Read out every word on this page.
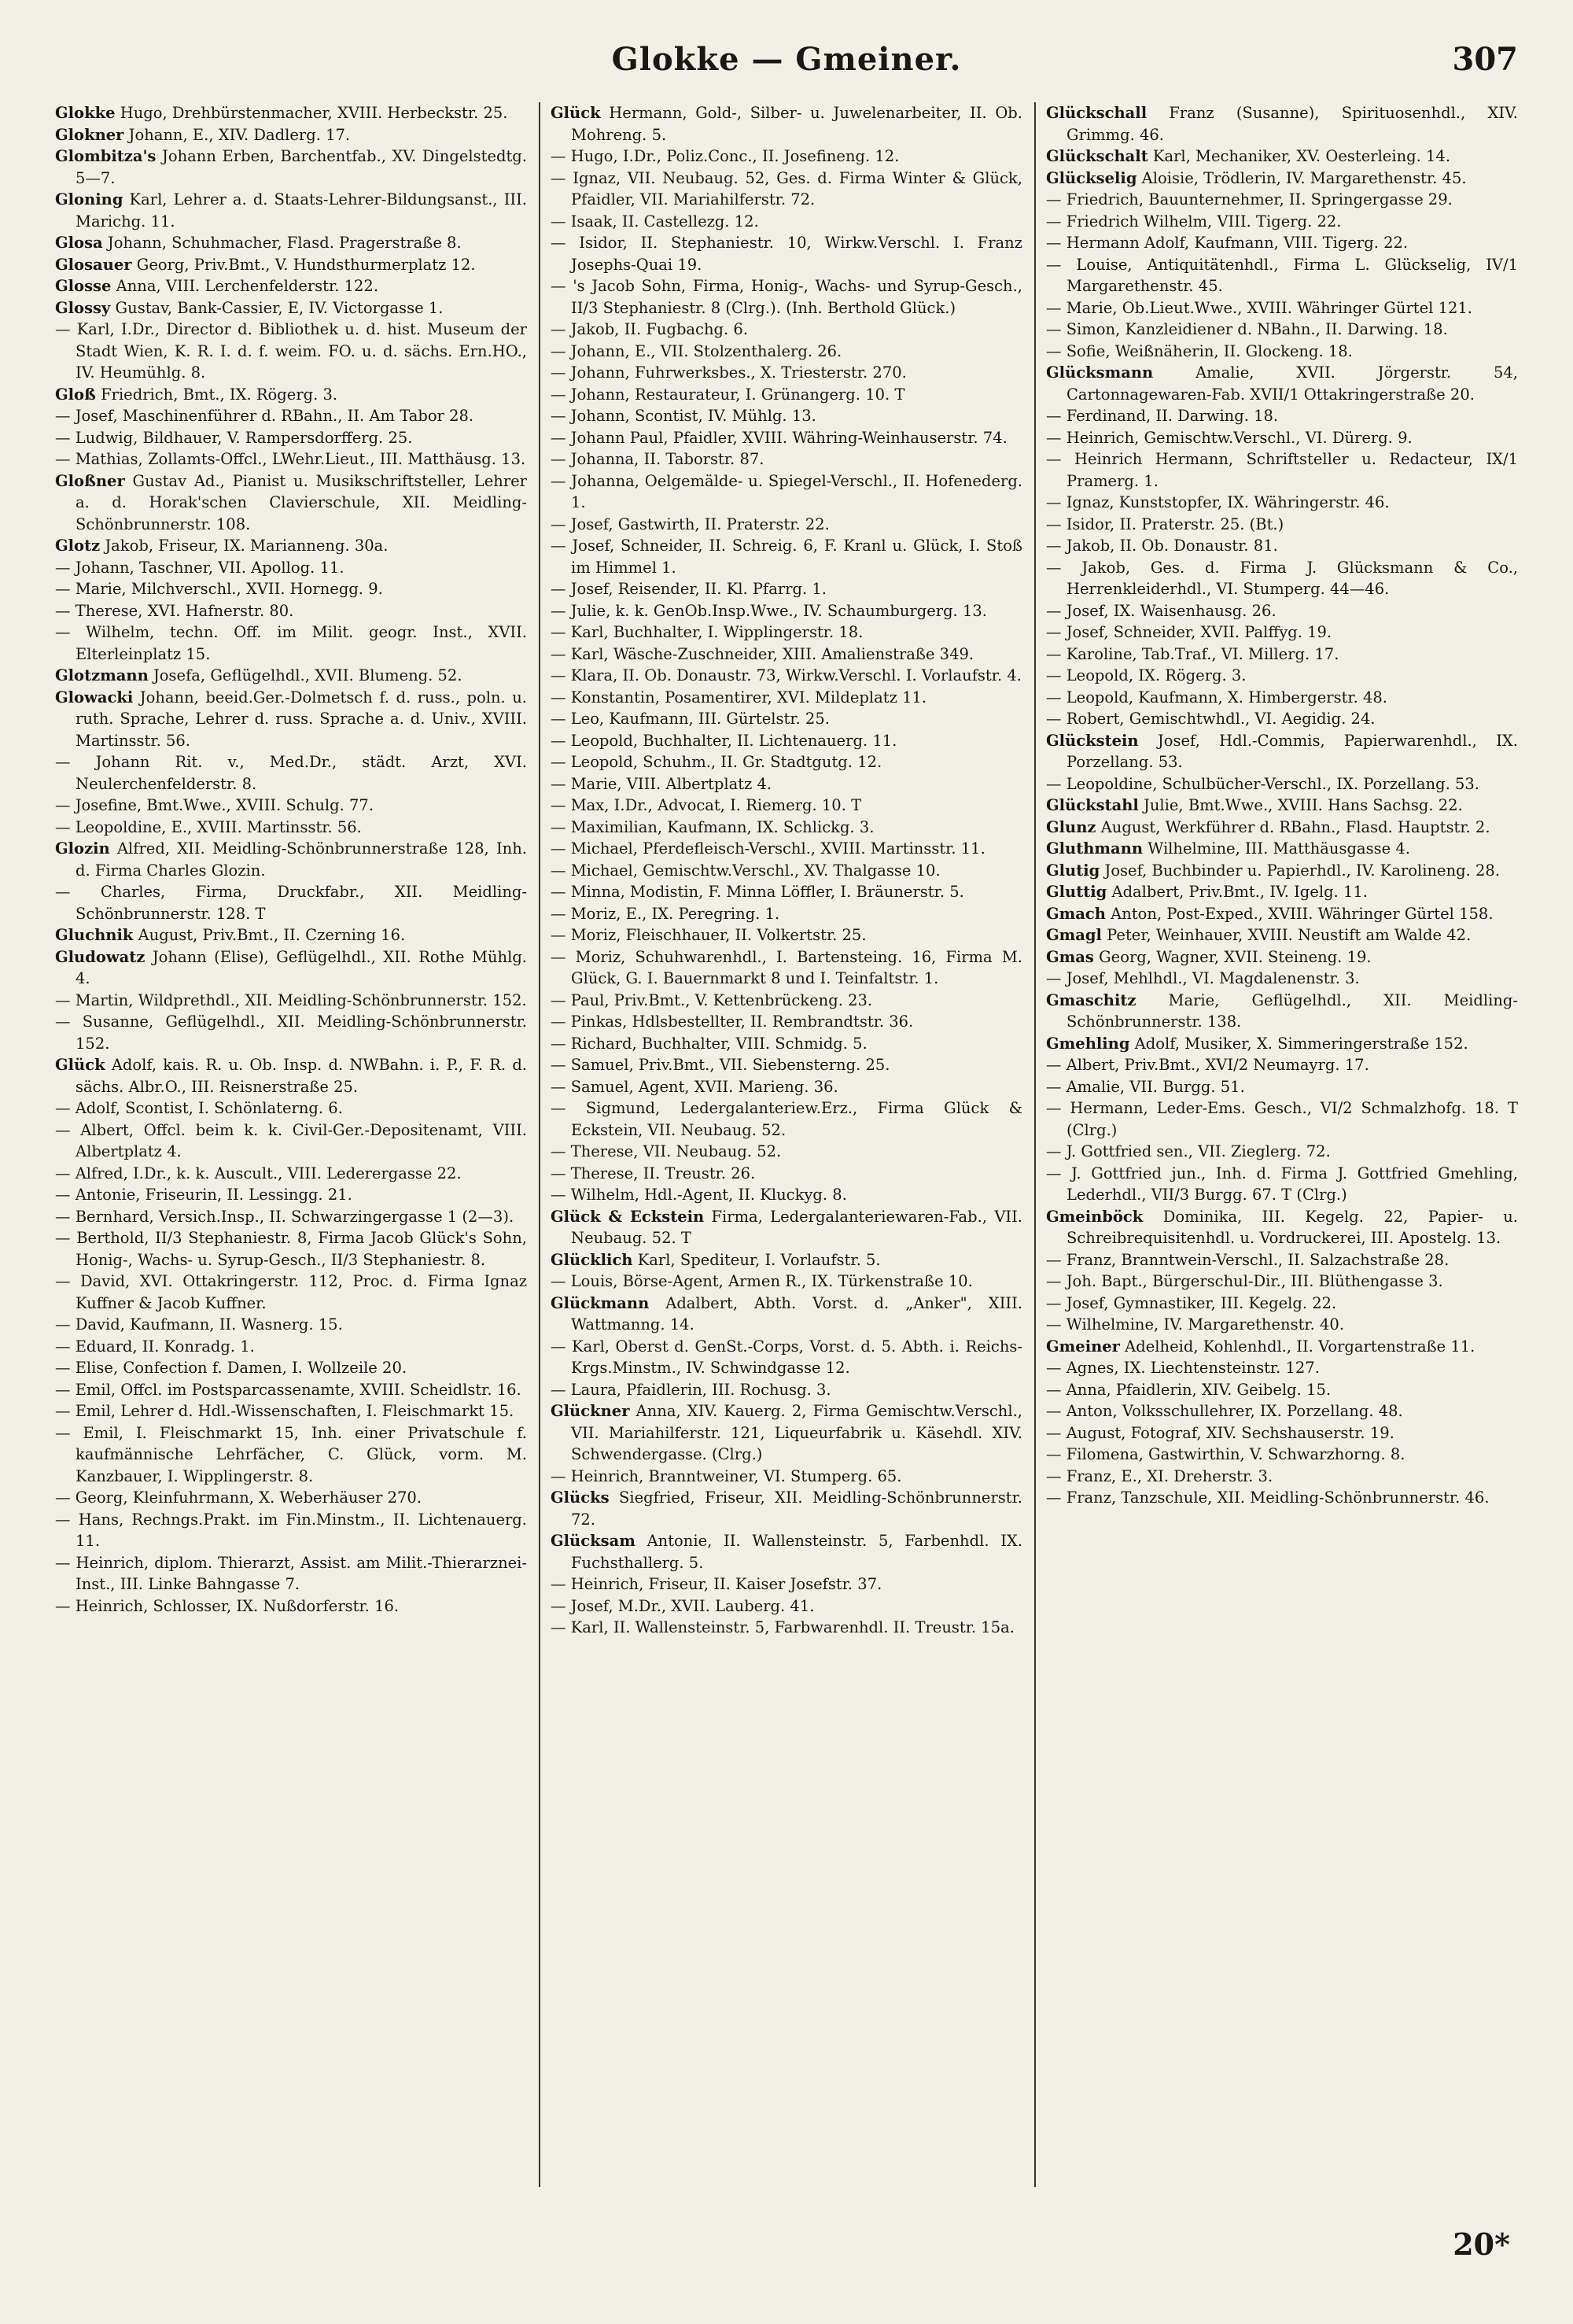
Glokke — Gmeiner.	307

Glokke Hugo, Drehbürstenmacher, XVIII. Herbeckstr. 25.

Glokner Johann, E., XIV. Dadlerg. 17.

Glombitza's Johann Erben, Barchentfab., XV. Dingelstedtg. 5—7.

Gloning Karl, Lehrer a. d. Staats-Lehrer-Bildungsanst., III. Marichg. 11.

Glosa Johann, Schuhmacher, Flasd. Pragerstraße 8.

Glosauer Georg, Priv.Bmt., V. Hundsthurmerplatz 12.

Glosse Anna, VIII. Lerchenfelderstr. 122.

Glossy Gustav, Bank-Cassier, E, IV. Victorgasse 1.

— Karl, I.Dr., Director d. Bibliothek u. d. hist. Museum der Stadt Wien, K. R. I. d. f. weim. FO. u. d. sächs. Ern.HO., IV. Heumühlg. 8.

Gloß Friedrich, Bmt., IX. Rögerg. 3.

— Josef, Maschinenführer d. RBahn., II. Am Tabor 28.

— Ludwig, Bildhauer, V. Rampersdorfferg. 25.

— Mathias, Zollamts-Offcl., LWehr.Lieut., III. Matthäusg. 13.

Gloßner Gustav Ad., Pianist u. Musikschriftsteller, Lehrer a. d. Horak'schen Clavierschule, XII. Meidling-Schönbrunnerstr. 108.

Glotz Jakob, Friseur, IX. Marianneng. 30a.

— Johann, Taschner, VII. Apollog. 11.

— Marie, Milchverschl., XVII. Hornegg. 9.

— Therese, XVI. Hafnerstr. 80.

— Wilhelm, techn. Off. im Milit. geogr. Inst., XVII. Elterleinplatz 15.

Glotzmann Josefa, Geflügelhdl., XVII. Blumeng. 52.

Glowacki Johann, beeid.Ger.-Dolmetsch f. d. russ., poln. u. ruth. Sprache, Lehrer d. russ. Sprache a. d. Univ., XVIII. Martinsstr. 56.

— Johann Rit. v., Med.Dr., städt. Arzt, XVI. Neulerchenfelderstr. 8.

— Josefine, Bmt.Wwe., XVIII. Schulg. 77.

— Leopoldine, E., XVIII. Martinsstr. 56.

Glozin Alfred, XII. Meidling-Schönbrunnerstraße 128, Inh. d. Firma Charles Glozin.

— Charles, Firma, Druckfabr., XII. Meidling-Schönbrunnerstr. 128. T

Gluchnik August, Priv.Bmt., II. Czerning 16.

Gludowatz Johann (Elise), Geflügelhdl., XII. Rothe Mühlg. 4.

— Martin, Wildprethdl., XII. Meidling-Schönbrunnerstr. 152.

— Susanne, Geflügelhdl., XII. Meidling-Schönbrunnerstr. 152.

Glück Adolf, kais. R. u. Ob. Insp. d. NWBahn. i. P., F. R. d. sächs. Albr.O., III. Reisnerstraße 25.

— Adolf, Scontist, I. Schönlaterng. 6.

— Albert, Offcl. beim k. k. Civil-Ger.-Depositenamt, VIII. Albertplatz 4.

— Alfred, I.Dr., k. k. Auscult., VIII. Lederergasse 22.

— Antonie, Friseurin, II. Lessingg. 21.

— Bernhard, Versich.Insp., II. Schwarzingergasse 1 (2—3).

— Berthold, II/3 Stephaniestr. 8, Firma Jacob Glück's Sohn, Honig-, Wachs- u. Syrup-Gesch., II/3 Stephaniestr. 8.

— David, XVI. Ottakringerstr. 112, Proc. d. Firma Ignaz Kuffner & Jacob Kuffner.

— David, Kaufmann, II. Wasnerg. 15.

— Eduard, II. Konradg. 1.

— Elise, Confection f. Damen, I. Wollzeile 20.

— Emil, Offcl. im Postsparcassenamte, XVIII. Scheidlstr. 16.

— Emil, Lehrer d. Hdl.-Wissenschaften, I. Fleischmarkt 15.

— Emil, I. Fleischmarkt 15, Inh. einer Privatschule f. kaufmännische Lehrfächer, C. Glück, vorm. M. Kanzbauer, I. Wipplingerstr. 8.

— Georg, Kleinfuhrmann, X. Weberhäuser 270.

— Hans, Rechngs.Prakt. im Fin.Minstm., II. Lichtenauerg. 11.

— Heinrich, diplom. Thierarzt, Assist. am Milit.-Thierarznei-Inst., III. Linke Bahngasse 7.

— Heinrich, Schlosser, IX. Nußdorferstr. 16.

Glück Hermann, Gold-, Silber- u. Juwelenarbeiter, II. Ob. Mohreng. 5.

— Hugo, I.Dr., Poliz.Conc., II. Josefineng. 12.

— Ignaz, VII. Neubaug. 52, Ges. d. Firma Winter & Glück, Pfaidler, VII. Mariahilferstr. 72.

— Isaak, II. Castellezg. 12.

— Isidor, II. Stephaniestr. 10, Wirkw.Verschl. I. Franz Josephs-Quai 19.

— 's Jacob Sohn, Firma, Honig-, Wachs- und Syrup-Gesch., II/3 Stephaniestr. 8 (Clrg.). (Inh. Berthold Glück.)

— Jakob, II. Fugbachg. 6.

— Johann, E., VII. Stolzenthalerg. 26.

— Johann, Fuhrwerksbes., X. Triesterstr. 270.

— Johann, Restaurateur, I. Grünangerg. 10. T

— Johann, Scontist, IV. Mühlg. 13.

— Johann Paul, Pfaidler, XVIII. Währing-Weinhauserstr. 74.

— Johanna, II. Taborstr. 87.

— Johanna, Oelgemälde- u. Spiegel-Verschl., II. Hofenederg. 1.

— Josef, Gastwirth, II. Praterstr. 22.

— Josef, Schneider, II. Schreig. 6, F. Kranl u. Glück, I. Stoß im Himmel 1.

— Josef, Reisender, II. Kl. Pfarrg. 1.

— Julie, k. k. GenOb.Insp.Wwe., IV. Schaumburgerg. 13.

— Karl, Buchhalter, I. Wipplingerstr. 18.

— Karl, Wäsche-Zuschneider, XIII. Amalienstraße 349.

— Klara, II. Ob. Donaustr. 73, Wirkw.Verschl. I. Vorlaufstr. 4.

— Konstantin, Posamentirer, XVI. Mildeplatz 11.

— Leo, Kaufmann, III. Gürtelstr. 25.

— Leopold, Buchhalter, II. Lichtenauerg. 11.

— Leopold, Schuhm., II. Gr. Stadtgutg. 12.

— Marie, VIII. Albertplatz 4.

— Max, I.Dr., Advocat, I. Riemerg. 10. T

— Maximilian, Kaufmann, IX. Schlickg. 3.

— Michael, Pferdefleisch-Verschl., XVIII. Martinsstr. 11.

— Michael, Gemischtw.Verschl., XV. Thalgasse 10.

— Minna, Modistin, F. Minna Löffler, I. Bräunerstr. 5.

— Moriz, E., IX. Peregring. 1.

— Moriz, Fleischhauer, II. Volkertstr. 25.

— Moriz, Schuhwarenhdl., I. Bartensteing. 16, Firma M. Glück, G. I. Bauernmarkt 8 und I. Teinfaltstr. 1.

— Paul, Priv.Bmt., V. Kettenbrückeng. 23.

— Pinkas, Hdlsbestellter, II. Rembrandtstr. 36.

— Richard, Buchhalter, VIII. Schmidg. 5.

— Samuel, Priv.Bmt., VII. Siebensterng. 25.

— Samuel, Agent, XVII. Marieng. 36.

— Sigmund, Ledergalanteriew.Erz., Firma Glück & Eckstein, VII. Neubaug. 52.

— Therese, VII. Neubaug. 52.

— Therese, II. Treustr. 26.

— Wilhelm, Hdl.-Agent, II. Kluckyg. 8.

Glück & Eckstein Firma, Ledergalanteriewaren-Fab., VII. Neubaug. 52. T

Glücklich Karl, Spediteur, I. Vorlaufstr. 5.

— Louis, Börse-Agent, Armen R., IX. Türkenstraße 10.

Glückmann Adalbert, Abth. Vorst. d. „Anker", XIII. Wattmanng. 14.

— Karl, Oberst d. GenSt.-Corps, Vorst. d. 5. Abth. i. Reichs-Krgs.Minstm., IV. Schwindgasse 12.

— Laura, Pfaidlerin, III. Rochusg. 3.

Glückner Anna, XIV. Kauerg. 2, Firma Gemischtw.Verschl., VII. Mariahilferstr. 121, Liqueurfabrik u. Käsehdl. XIV. Schwendergasse. (Clrg.)

— Heinrich, Branntweiner, VI. Stumperg. 65.

Glücks Siegfried, Friseur, XII. Meidling-Schönbrunnerstr. 72.

Glücksam Antonie, II. Wallensteinstr. 5, Farbenhdl. IX. Fuchsthallerg. 5.

— Heinrich, Friseur, II. Kaiser Josefstr. 37.

— Josef, M.Dr., XVII. Lauberg. 41.

— Karl, II. Wallensteinstr. 5, Farbwarenhdl. II. Treustr. 15a.

Glückschall Franz (Susanne), Spirituosenhdl., XIV. Grimmg. 46.

Glückschalt Karl, Mechaniker, XV. Oesterleing. 14.

Glückselig Aloisie, Trödlerin, IV. Margarethenstr. 45.

— Friedrich, Bauunternehmer, II. Springergasse 29.

— Friedrich Wilhelm, VIII. Tigerg. 22.

— Hermann Adolf, Kaufmann, VIII. Tigerg. 22.

— Louise, Antiquitätenhdl., Firma L. Glückselig, IV/1 Margarethenstr. 45.

— Marie, Ob.Lieut.Wwe., XVIII. Währinger Gürtel 121.

— Simon, Kanzleidiener d. NBahn., II. Darwing. 18.

— Sofie, Weißnäherin, II. Glockeng. 18.

Glücksmann Amalie, XVII. Jörgerstr. 54, Cartonnagewaren-Fab. XVII/1 Ottakringerstraße 20.

— Ferdinand, II. Darwing. 18.

— Heinrich, Gemischtw.Verschl., VI. Dürerg. 9.

— Heinrich Hermann, Schriftsteller u. Redacteur, IX/1 Pramerg. 1.

— Ignaz, Kunststopfer, IX. Währingerstr. 46.

— Isidor, II. Praterstr. 25. (Bt.)

— Jakob, II. Ob. Donaustr. 81.

— Jakob, Ges. d. Firma J. Glücksmann & Co., Herrenkleiderhdl., VI. Stumperg. 44—46.

— Josef, IX. Waisenhausg. 26.

— Josef, Schneider, XVII. Palffyg. 19.

— Karoline, Tab.Traf., VI. Millerg. 17.

— Leopold, IX. Rögerg. 3.

— Leopold, Kaufmann, X. Himbergerstr. 48.

— Robert, Gemischtwhdl., VI. Aegidig. 24.

Glückstein Josef, Hdl.-Commis, Papierwarenhdl., IX. Porzellang. 53.

— Leopoldine, Schulbücher-Verschl., IX. Porzellang. 53.

Glückstahl Julie, Bmt.Wwe., XVIII. Hans Sachsg. 22.

Glunz August, Werkführer d. RBahn., Flasd. Hauptstr. 2.

Gluthmann Wilhelmine, III. Matthäusgasse 4.

Glutig Josef, Buchbinder u. Papierhdl., IV. Karolineng. 28.

Gluttig Adalbert, Priv.Bmt., IV. Igelg. 11.

Gmach Anton, Post-Exped., XVIII. Währinger Gürtel 158.

Gmagl Peter, Weinhauer, XVIII. Neustift am Walde 42.

Gmas Georg, Wagner, XVII. Steineng. 19.

— Josef, Mehlhdl., VI. Magdalenenstr. 3.

Gmaschitz Marie, Geflügelhdl., XII. Meidling-Schönbrunnerstr. 138.

Gmehling Adolf, Musiker, X. Simmeringerstraße 152.

— Albert, Priv.Bmt., XVI/2 Neumayrg. 17.

— Amalie, VII. Burgg. 51.

— Hermann, Leder-Ems. Gesch., VI/2 Schmalzhofg. 18. T (Clrg.)

— J. Gottfried sen., VII. Zieglerg. 72.

— J. Gottfried jun., Inh. d. Firma J. Gottfried Gmehling, Lederhdl., VII/3 Burgg. 67. T (Clrg.)

Gmeinböck Dominika, III. Kegelg. 22, Papier- u. Schreibrequisitenhdl. u. Vordruckerei, III. Apostelg. 13.

— Franz, Branntwein-Verschl., II. Salzachstraße 28.

— Joh. Bapt., Bürgerschul-Dir., III. Blüthengasse 3.

— Josef, Gymnastiker, III. Kegelg. 22.

— Wilhelmine, IV. Margarethenstr. 40.

Gmeiner Adelheid, Kohlenhdl., II. Vorgartenstraße 11.

— Agnes, IX. Liechtensteinstr. 127.

— Anna, Pfaidlerin, XIV. Geibelg. 15.

— Anton, Volksschullehrer, IX. Porzellang. 48.

— August, Fotograf, XIV. Sechshauserstr. 19.

— Filomena, Gastwirthin, V. Schwarzhorng. 8.

— Franz, E., XI. Dreherstr. 3.

— Franz, Tanzschule, XII. Meidling-Schönbrunnerstr. 46.

20*
